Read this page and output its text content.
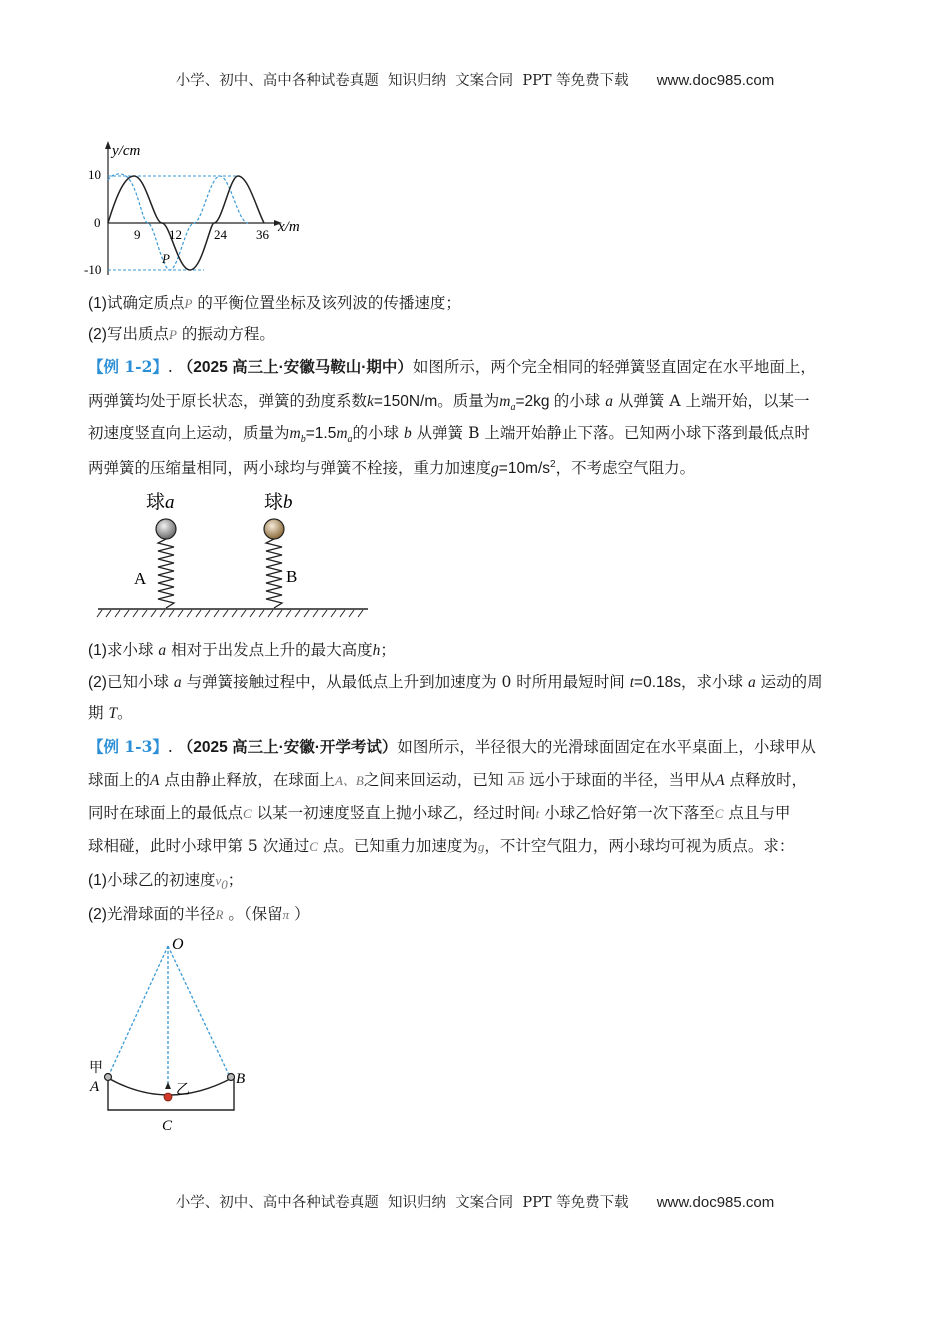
小学、初中、高中各种试卷真题  知识归纳  文案合同  PPT 等免费下载 www.doc985.com
y/cm
10
0
-10
9 12 24 36 x/m
P
(1)试确定质点P 的平衡位置坐标及该列波的传播速度；
(2)写出质点P 的振动方程。
【例 1-2】. （2025 高三上·安徽马鞍山·期中）如图所示，两个完全相同的轻弹簧竖直固定在水平地面上，
两弹簧均处于原长状态，弹簧的劲度系数k=150N/m。质量为$m_a=2kg$ 的小球 a 从弹簧 A 上端开始，以某一
初速度竖直向上运动，质量为$m_b=1.5m_a$的小球 b 从弹簧 B 上端开始静止下落。已知两小球下落到最低点时
两弹簧的压缩量相同，两小球均与弹簧不栓接，重力加速度$g=10m/s^2$，不考虑空气阻力。
球a	球b
A	B
(1)求小球 a 相对于出发点上升的最大高度h；
(2)已知小球 a 与弹簧接触过程中，从最低点上升到加速度为 0 时所用最短时间 t=0.18s，求小球 a 运动的周
期 T。
【例 1-3】. （2025 高三上·安徽·开学考试）如图所示，半径很大的光滑球面固定在水平桌面上，小球甲从
球面上的A 点由静止释放，在球面上A、B之间来回运动，已知 $\overline{AB}$ 远小于球面的半径，当甲从A 点释放时，
同时在球面上的最低点C 以某一初速度竖直上抛小球乙，经过时间t 小球乙恰好第一次下落至C 点且与甲
球相碰，此时小球甲第 5 次通过C 点。已知重力加速度为g，不计空气阻力，两小球均可视为质点。求：
(1)小球乙的初速度$v_0$；
(2)光滑球面的半径R 。（保留π ）
O
甲
A	B
乙
C
小学、初中、高中各种试卷真题  知识归纳  文案合同  PPT 等免费下载 www.doc985.com
